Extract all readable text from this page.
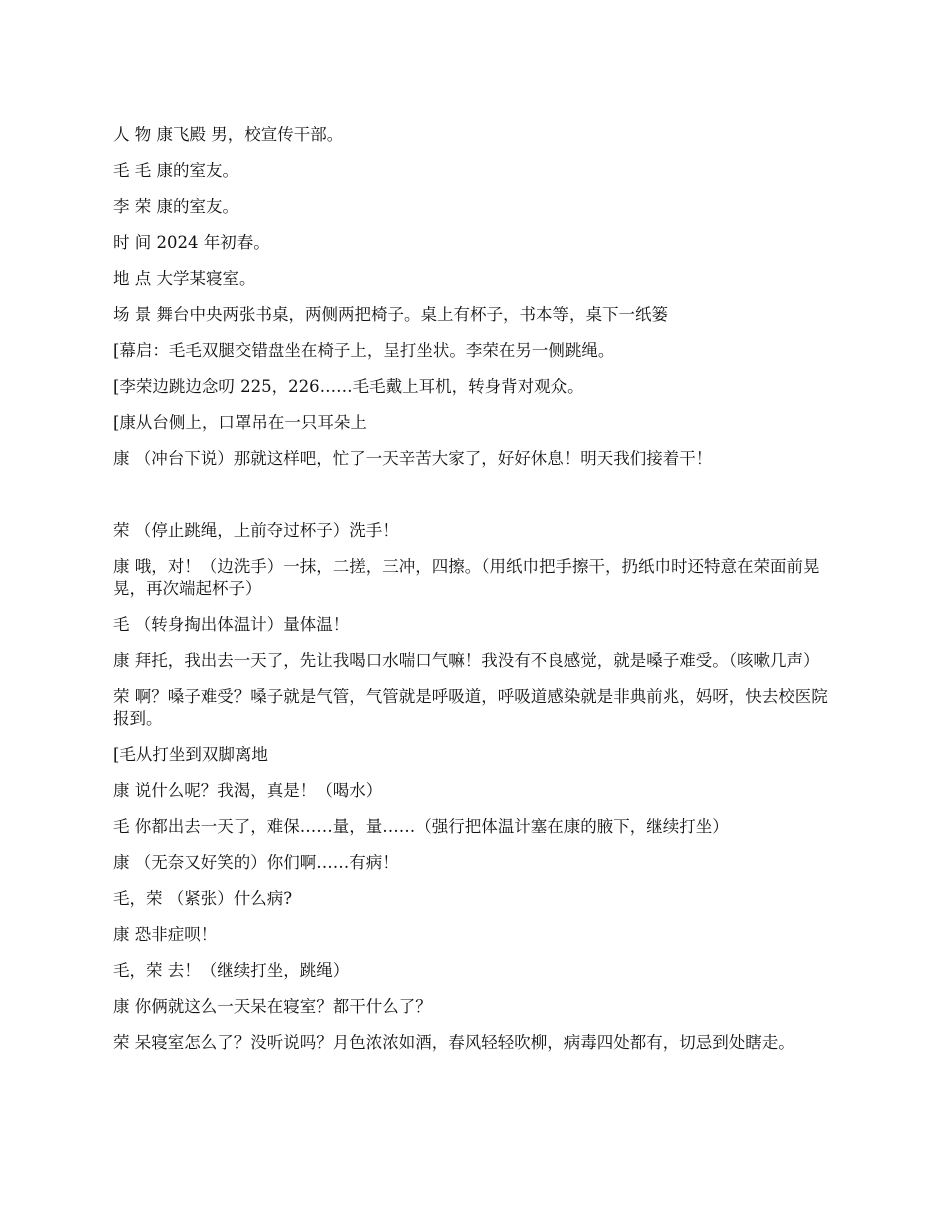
人 物 康飞殿 男，校宣传干部。

毛 毛 康的室友。

李 荣 康的室友。

时 间 2024 年初春。

地 点 大学某寝室。

场 景 舞台中央两张书桌，两侧两把椅子。桌上有杯子，书本等，桌下一纸篓

[幕启：毛毛双腿交错盘坐在椅子上，呈打坐状。李荣在另一侧跳绳。

[李荣边跳边念叨 225，226……毛毛戴上耳机，转身背对观众。

[康从台侧上，口罩吊在一只耳朵上

康 （冲台下说）那就这样吧，忙了一天辛苦大家了，好好休息！明天我们接着干！

荣 （停止跳绳，上前夺过杯子）洗手！

康 哦，对！（边洗手）一抹，二搓，三冲，四擦。（用纸巾把手擦干，扔纸巾时还特意在荣面前晃晃，再次端起杯子）

毛 （转身掏出体温计）量体温！

康 拜托，我出去一天了，先让我喝口水喘口气嘛！我没有不良感觉，就是嗓子难受。（咳嗽几声）

荣 啊？嗓子难受？嗓子就是气管，气管就是呼吸道，呼吸道感染就是非典前兆，妈呀，快去校医院报到。

[毛从打坐到双脚离地

康 说什么呢？我渴，真是！（喝水）

毛 你都出去一天了，难保……量，量……（强行把体温计塞在康的腋下，继续打坐）

康 （无奈又好笑的）你们啊……有病！

毛，荣 （紧张）什么病?

康 恐非症呗！

毛，荣 去！（继续打坐，跳绳）

康 你俩就这么一天呆在寝室？都干什么了？

荣 呆寝室怎么了？没听说吗？月色浓浓如酒，春风轻轻吹柳，病毒四处都有，切忌到处瞎走。
